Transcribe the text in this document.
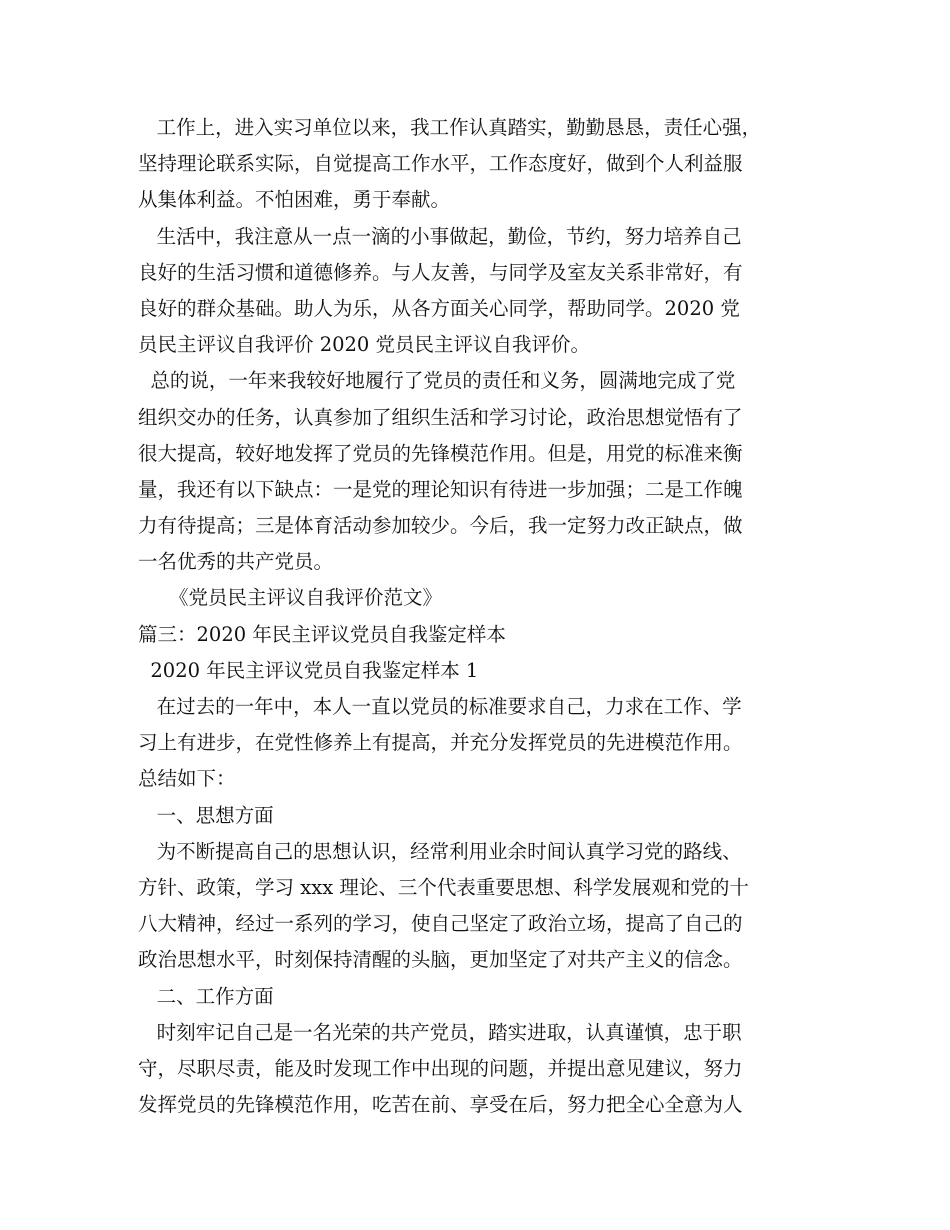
工作上，进入实习单位以来，我工作认真踏实，勤勤恳恳，责任心强，
坚持理论联系实际，自觉提高工作水平，工作态度好，做到个人利益服
从集体利益。不怕困难，勇于奉献。
生活中，我注意从一点一滴的小事做起，勤俭，节约，努力培养自己
良好的生活习惯和道德修养。与人友善，与同学及室友关系非常好，有
良好的群众基础。助人为乐，从各方面关心同学，帮助同学。2020 党
员民主评议自我评价 2020 党员民主评议自我评价。
总的说，一年来我较好地履行了党员的责任和义务，圆满地完成了党
组织交办的任务，认真参加了组织生活和学习讨论，政治思想觉悟有了
很大提高，较好地发挥了党员的先锋模范作用。但是，用党的标准来衡
量，我还有以下缺点：一是党的理论知识有待进一步加强；二是工作魄
力有待提高；三是体育活动参加较少。今后，我一定努力改正缺点，做
一名优秀的共产党员。
《党员民主评议自我评价范文》
篇三：2020 年民主评议党员自我鉴定样本
2020 年民主评议党员自我鉴定样本 1
在过去的一年中，本人一直以党员的标准要求自己，力求在工作、学
习上有进步，在党性修养上有提高，并充分发挥党员的先进模范作用。
总结如下：
一、思想方面
为不断提高自己的思想认识，经常利用业余时间认真学习党的路线、
方针、政策，学习 xxx 理论、三个代表重要思想、科学发展观和党的十
八大精神，经过一系列的学习，使自己坚定了政治立场，提高了自己的
政治思想水平，时刻保持清醒的头脑，更加坚定了对共产主义的信念。
二、工作方面
时刻牢记自己是一名光荣的共产党员，踏实进取，认真谨慎，忠于职
守，尽职尽责，能及时发现工作中出现的问题，并提出意见建议，努力
发挥党员的先锋模范作用，吃苦在前、享受在后，努力把全心全意为人
